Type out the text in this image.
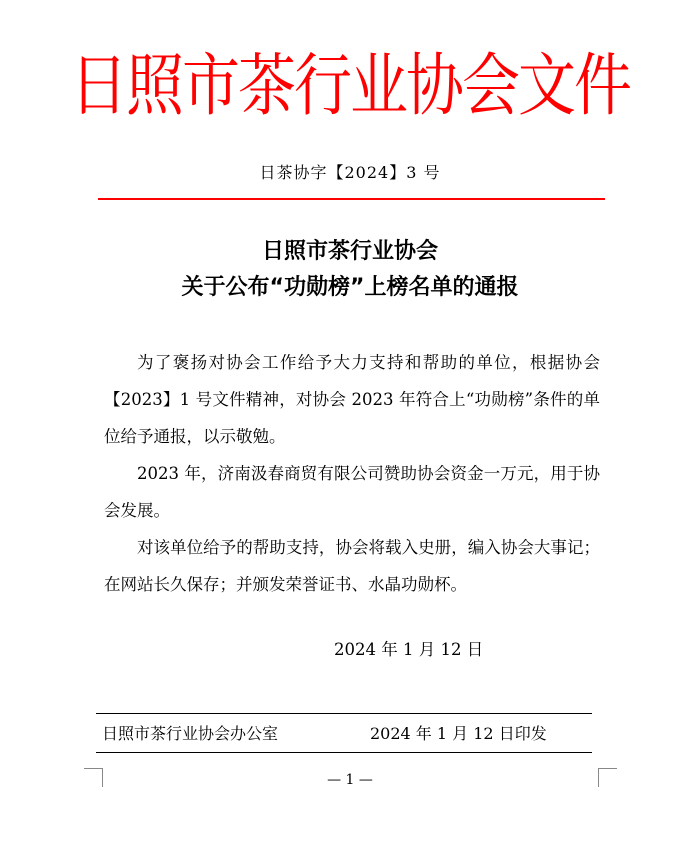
日照市茶行业协会文件
日茶协字【2024】3 号
日照市茶行业协会
关于公布“功勋榜”上榜名单的通报

为了褒扬对协会工作给予大力支持和帮助的单位，根据协会【2023】1 号文件精神，对协会 2023 年符合上“功勋榜”条件的单位给予通报，以示敬勉。

2023 年，济南汲春商贸有限公司赞助协会资金一万元，用于协会发展。

对该单位给予的帮助支持，协会将载入史册，编入协会大事记；在网站长久保存；并颁发荣誉证书、水晶功勋杯。

2024 年 1 月 12 日
日照市茶行业协会办公室	2024 年 1 月 12 日印发
— 1 —
